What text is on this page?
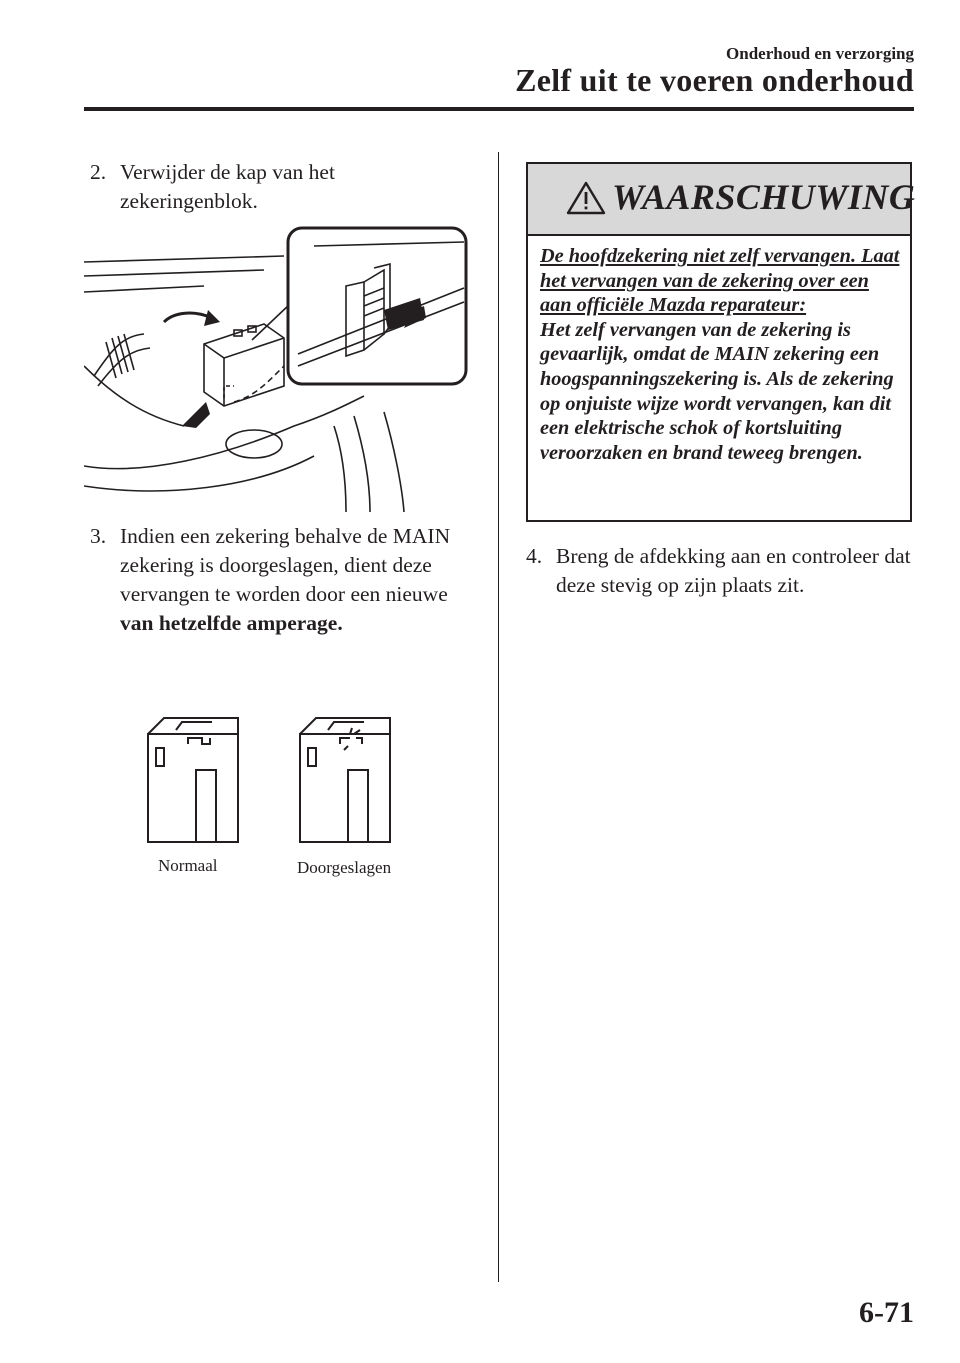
Onderhoud en verzorging
Zelf uit te voeren onderhoud
2. Verwijder de kap van het zekeringenblok.
3. Indien een zekering behalve de MAIN zekering is doorgeslagen, dient deze vervangen te worden door een nieuwe van hetzelfde amperage.
Normaal	Doorgeslagen
WAARSCHUWING
De hoofdzekering niet zelf vervangen. Laat het vervangen van de zekering over een aan officiële Mazda reparateur:
Het zelf vervangen van de zekering is gevaarlijk, omdat de MAIN zekering een hoogspanningszekering is. Als de zekering op onjuiste wijze wordt vervangen, kan dit een elektrische schok of kortsluiting veroorzaken en brand teweeg brengen.
4. Breng de afdekking aan en controleer dat deze stevig op zijn plaats zit.
6-71
